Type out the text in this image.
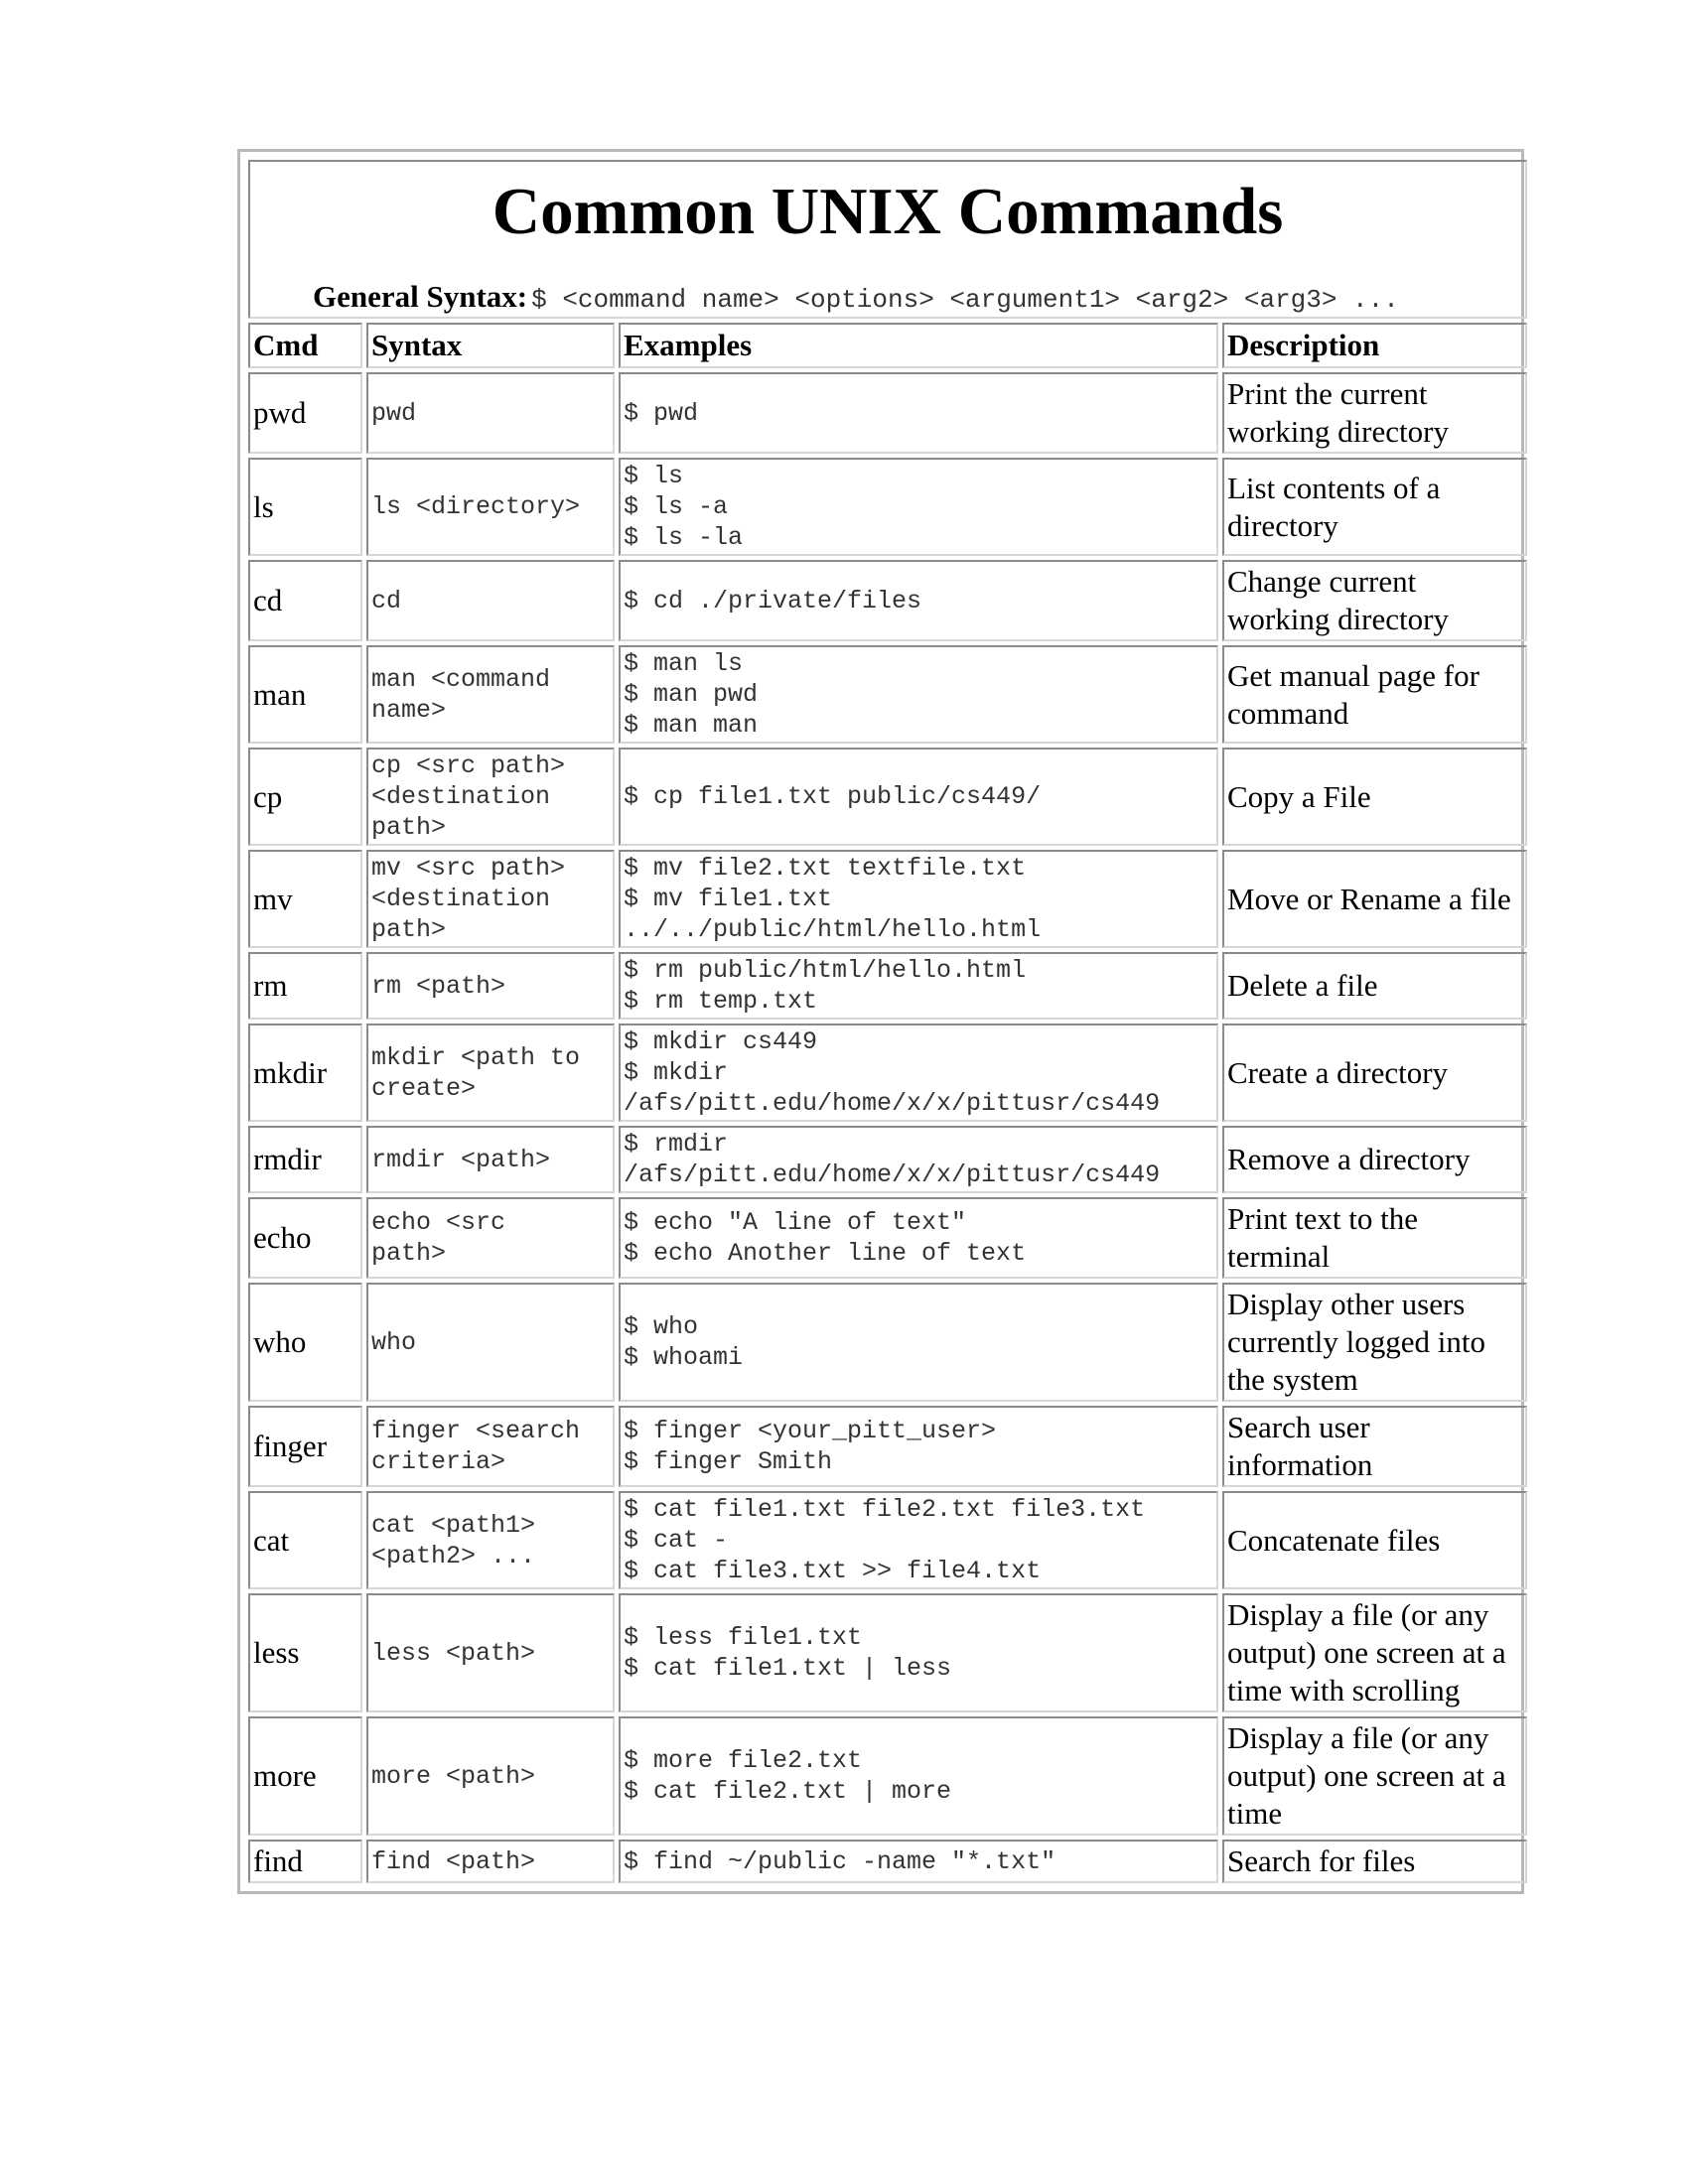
Common UNIX Commands
General Syntax: $ <command name> <options> <argument1> <arg2> <arg3> ...			

Cmd	Syntax	Examples	Description
pwd	pwd	$ pwd	Print the current working directory
ls	ls <directory>	$ ls
$ ls -a
$ ls -la	List contents of a directory
cd	cd	$ cd ./private/files	Change current working directory
man	man <command
name>	$ man ls
$ man pwd
$ man man	Get manual page for command
cp	cp <src path>
<destination
path>	$ cp file1.txt public/cs449/	Copy a File
mv	mv <src path>
<destination
path>	$ mv file2.txt textfile.txt
$ mv file1.txt
../../public/html/hello.html	Move or Rename a file
rm	rm <path>	$ rm public/html/hello.html
$ rm temp.txt	Delete a file
mkdir	mkdir <path to
create>	$ mkdir cs449
$ mkdir
/afs/pitt.edu/home/x/x/pittusr/cs449	Create a directory
rmdir	rmdir <path>	$ rmdir
/afs/pitt.edu/home/x/x/pittusr/cs449	Remove a directory
echo	echo <src
path>	$ echo "A line of text"
$ echo Another line of text	Print text to the terminal
who	who	$ who
$ whoami	Display other users currently logged into the system
finger	finger <search
criteria>	$ finger <your_pitt_user>
$ finger Smith	Search user information
cat	cat <path1>
<path2> ...	$ cat file1.txt file2.txt file3.txt
$ cat -
$ cat file3.txt >> file4.txt	Concatenate files
less	less <path>	$ less file1.txt
$ cat file1.txt | less	Display a file (or any output) one screen at a time with scrolling
more	more <path>	$ more file2.txt
$ cat file2.txt | more	Display a file (or any output) one screen at a time
find	find <path>	$ find ~/public -name "*.txt"	Search for files
